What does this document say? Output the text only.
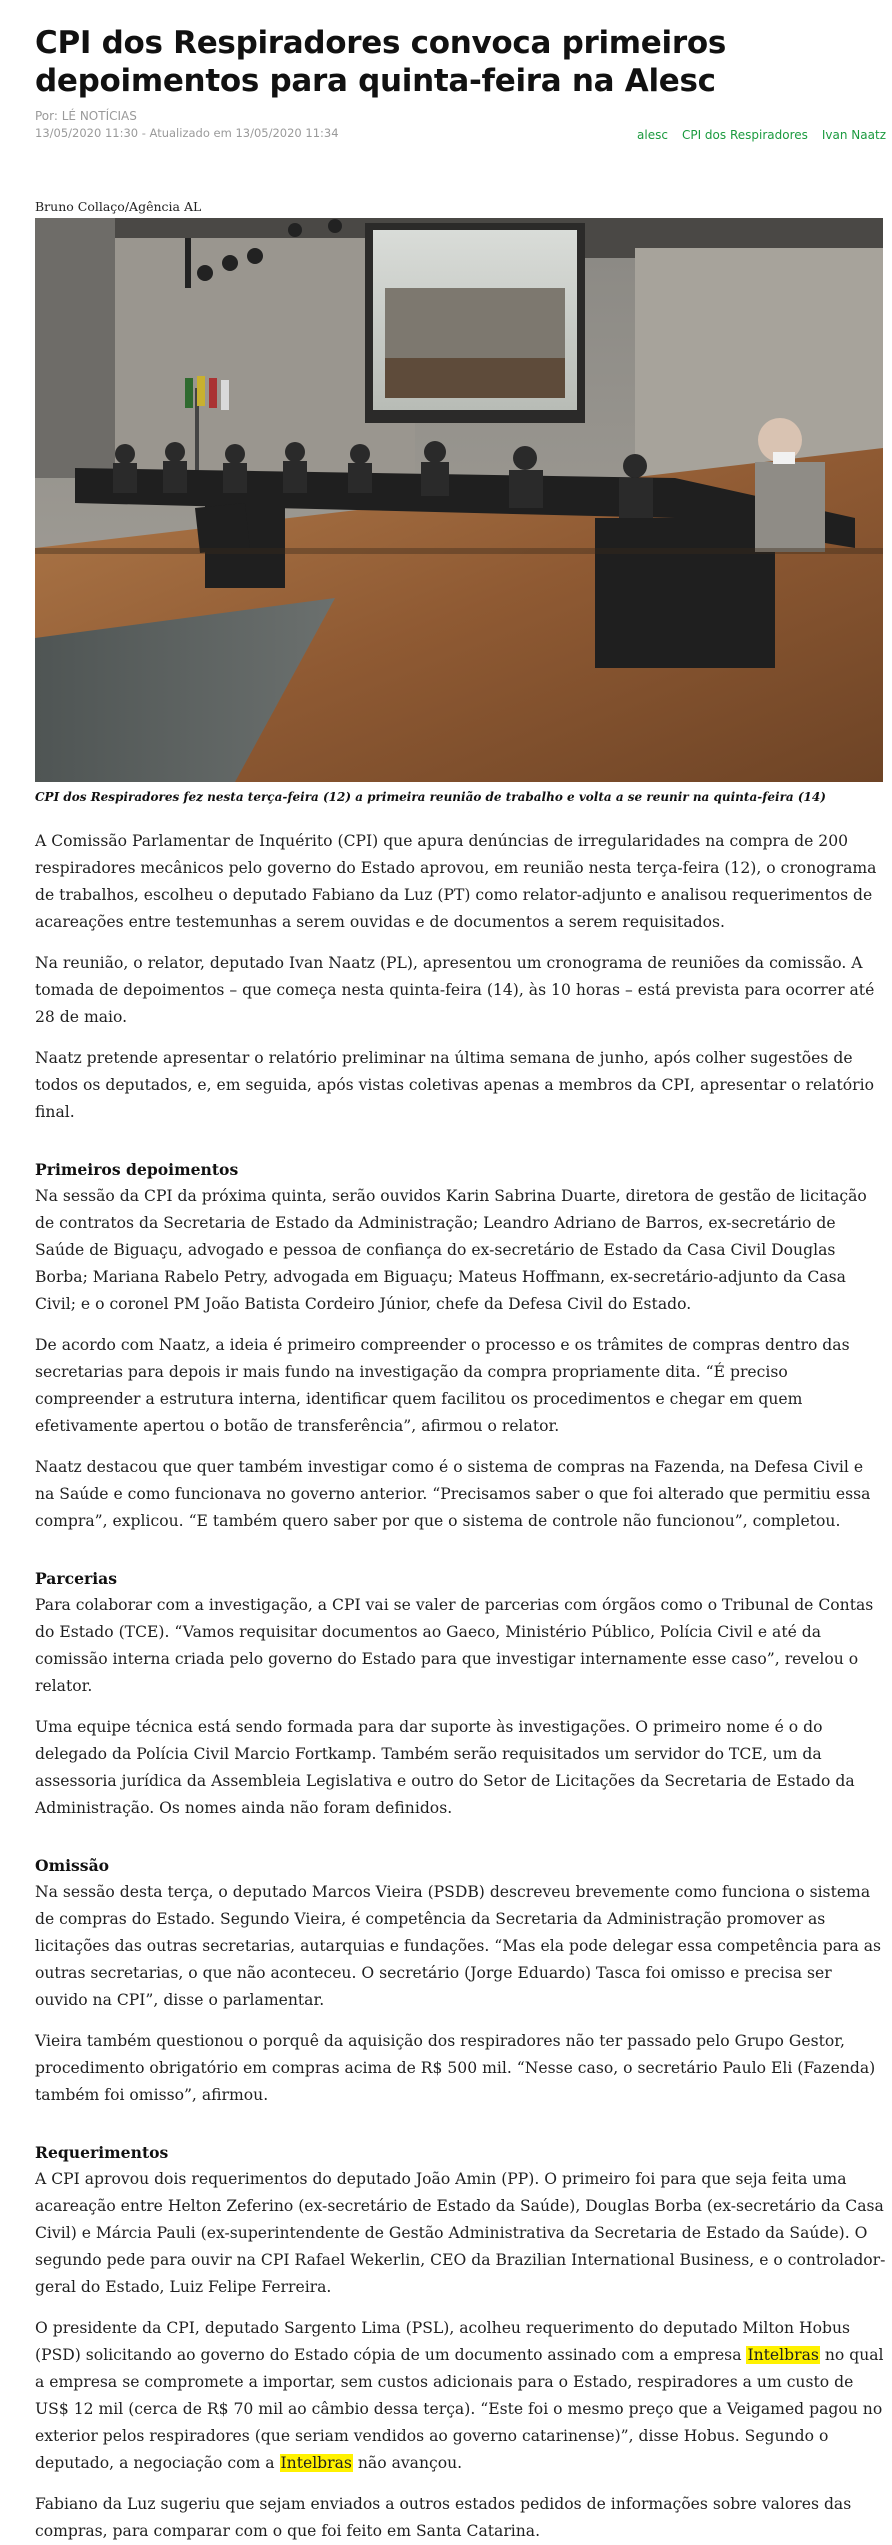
CPI dos Respiradores convoca primeiros depoimentos para quinta-feira na Alesc
Por: LÉ NOTÍCIAS
13/05/2020 11:30 - Atualizado em 13/05/2020 11:34	alesc CPI dos Respiradores Ivan Naatz
Bruno Collaço/Agência AL
CPI dos Respiradores fez nesta terça-feira (12) a primeira reunião de trabalho e volta a se reunir na quinta-feira (14)

A Comissão Parlamentar de Inquérito (CPI) que apura denúncias de irregularidades na compra de 200 respiradores mecânicos pelo governo do Estado aprovou, em reunião nesta terça-feira (12), o cronograma de trabalhos, escolheu o deputado Fabiano da Luz (PT) como relator-adjunto e analisou requerimentos de acareações entre testemunhas a serem ouvidas e de documentos a serem requisitados.

Na reunião, o relator, deputado Ivan Naatz (PL), apresentou um cronograma de reuniões da comissão. A tomada de depoimentos – que começa nesta quinta-feira (14), às 10 horas – está prevista para ocorrer até 28 de maio.

Naatz pretende apresentar o relatório preliminar na última semana de junho, após colher sugestões de todos os deputados, e, em seguida, após vistas coletivas apenas a membros da CPI, apresentar o relatório final.

Primeiros depoimentos

Na sessão da CPI da próxima quinta, serão ouvidos Karin Sabrina Duarte, diretora de gestão de licitação de contratos da Secretaria de Estado da Administração; Leandro Adriano de Barros, ex-secretário de Saúde de Biguaçu, advogado e pessoa de confiança do ex-secretário de Estado da Casa Civil Douglas Borba; Mariana Rabelo Petry, advogada em Biguaçu; Mateus Hoffmann, ex-secretário-adjunto da Casa Civil; e o coronel PM João Batista Cordeiro Júnior, chefe da Defesa Civil do Estado.

De acordo com Naatz, a ideia é primeiro compreender o processo e os trâmites de compras dentro das secretarias para depois ir mais fundo na investigação da compra propriamente dita. “É preciso compreender a estrutura interna, identificar quem facilitou os procedimentos e chegar em quem efetivamente apertou o botão de transferência”, afirmou o relator.

Naatz destacou que quer também investigar como é o sistema de compras na Fazenda, na Defesa Civil e na Saúde e como funcionava no governo anterior. “Precisamos saber o que foi alterado que permitiu essa compra”, explicou. “E também quero saber por que o sistema de controle não funcionou”, completou.

Parcerias

Para colaborar com a investigação, a CPI vai se valer de parcerias com órgãos como o Tribunal de Contas do Estado (TCE). “Vamos requisitar documentos ao Gaeco, Ministério Público, Polícia Civil e até da comissão interna criada pelo governo do Estado para que investigar internamente esse caso”, revelou o relator.

Uma equipe técnica está sendo formada para dar suporte às investigações. O primeiro nome é o do delegado da Polícia Civil Marcio Fortkamp. Também serão requisitados um servidor do TCE, um da assessoria jurídica da Assembleia Legislativa e outro do Setor de Licitações da Secretaria de Estado da Administração. Os nomes ainda não foram definidos.

Omissão

Na sessão desta terça, o deputado Marcos Vieira (PSDB) descreveu brevemente como funciona o sistema de compras do Estado. Segundo Vieira, é competência da Secretaria da Administração promover as licitações das outras secretarias, autarquias e fundações. “Mas ela pode delegar essa competência para as outras secretarias, o que não aconteceu. O secretário (Jorge Eduardo) Tasca foi omisso e precisa ser ouvido na CPI”, disse o parlamentar.

Vieira também questionou o porquê da aquisição dos respiradores não ter passado pelo Grupo Gestor, procedimento obrigatório em compras acima de R$ 500 mil. “Nesse caso, o secretário Paulo Eli (Fazenda) também foi omisso”, afirmou.

Requerimentos

A CPI aprovou dois requerimentos do deputado João Amin (PP). O primeiro foi para que seja feita uma acareação entre Helton Zeferino (ex-secretário de Estado da Saúde), Douglas Borba (ex-secretário da Casa Civil) e Márcia Pauli (ex-superintendente de Gestão Administrativa da Secretaria de Estado da Saúde). O segundo pede para ouvir na CPI Rafael Wekerlin, CEO da Brazilian International Business, e o controlador-geral do Estado, Luiz Felipe Ferreira.

O presidente da CPI, deputado Sargento Lima (PSL), acolheu requerimento do deputado Milton Hobus (PSD) solicitando ao governo do Estado cópia de um documento assinado com a empresa Intelbras no qual a empresa se compromete a importar, sem custos adicionais para o Estado, respiradores a um custo de US$ 12 mil (cerca de R$ 70 mil ao câmbio dessa terça). “Este foi o mesmo preço que a Veigamed pagou no exterior pelos respiradores (que seriam vendidos ao governo catarinense)”, disse Hobus. Segundo o deputado, a negociação com a Intelbras não avançou.

Fabiano da Luz sugeriu que sejam enviados a outros estados pedidos de informações sobre valores das compras, para comparar com o que foi feito em Santa Catarina.
